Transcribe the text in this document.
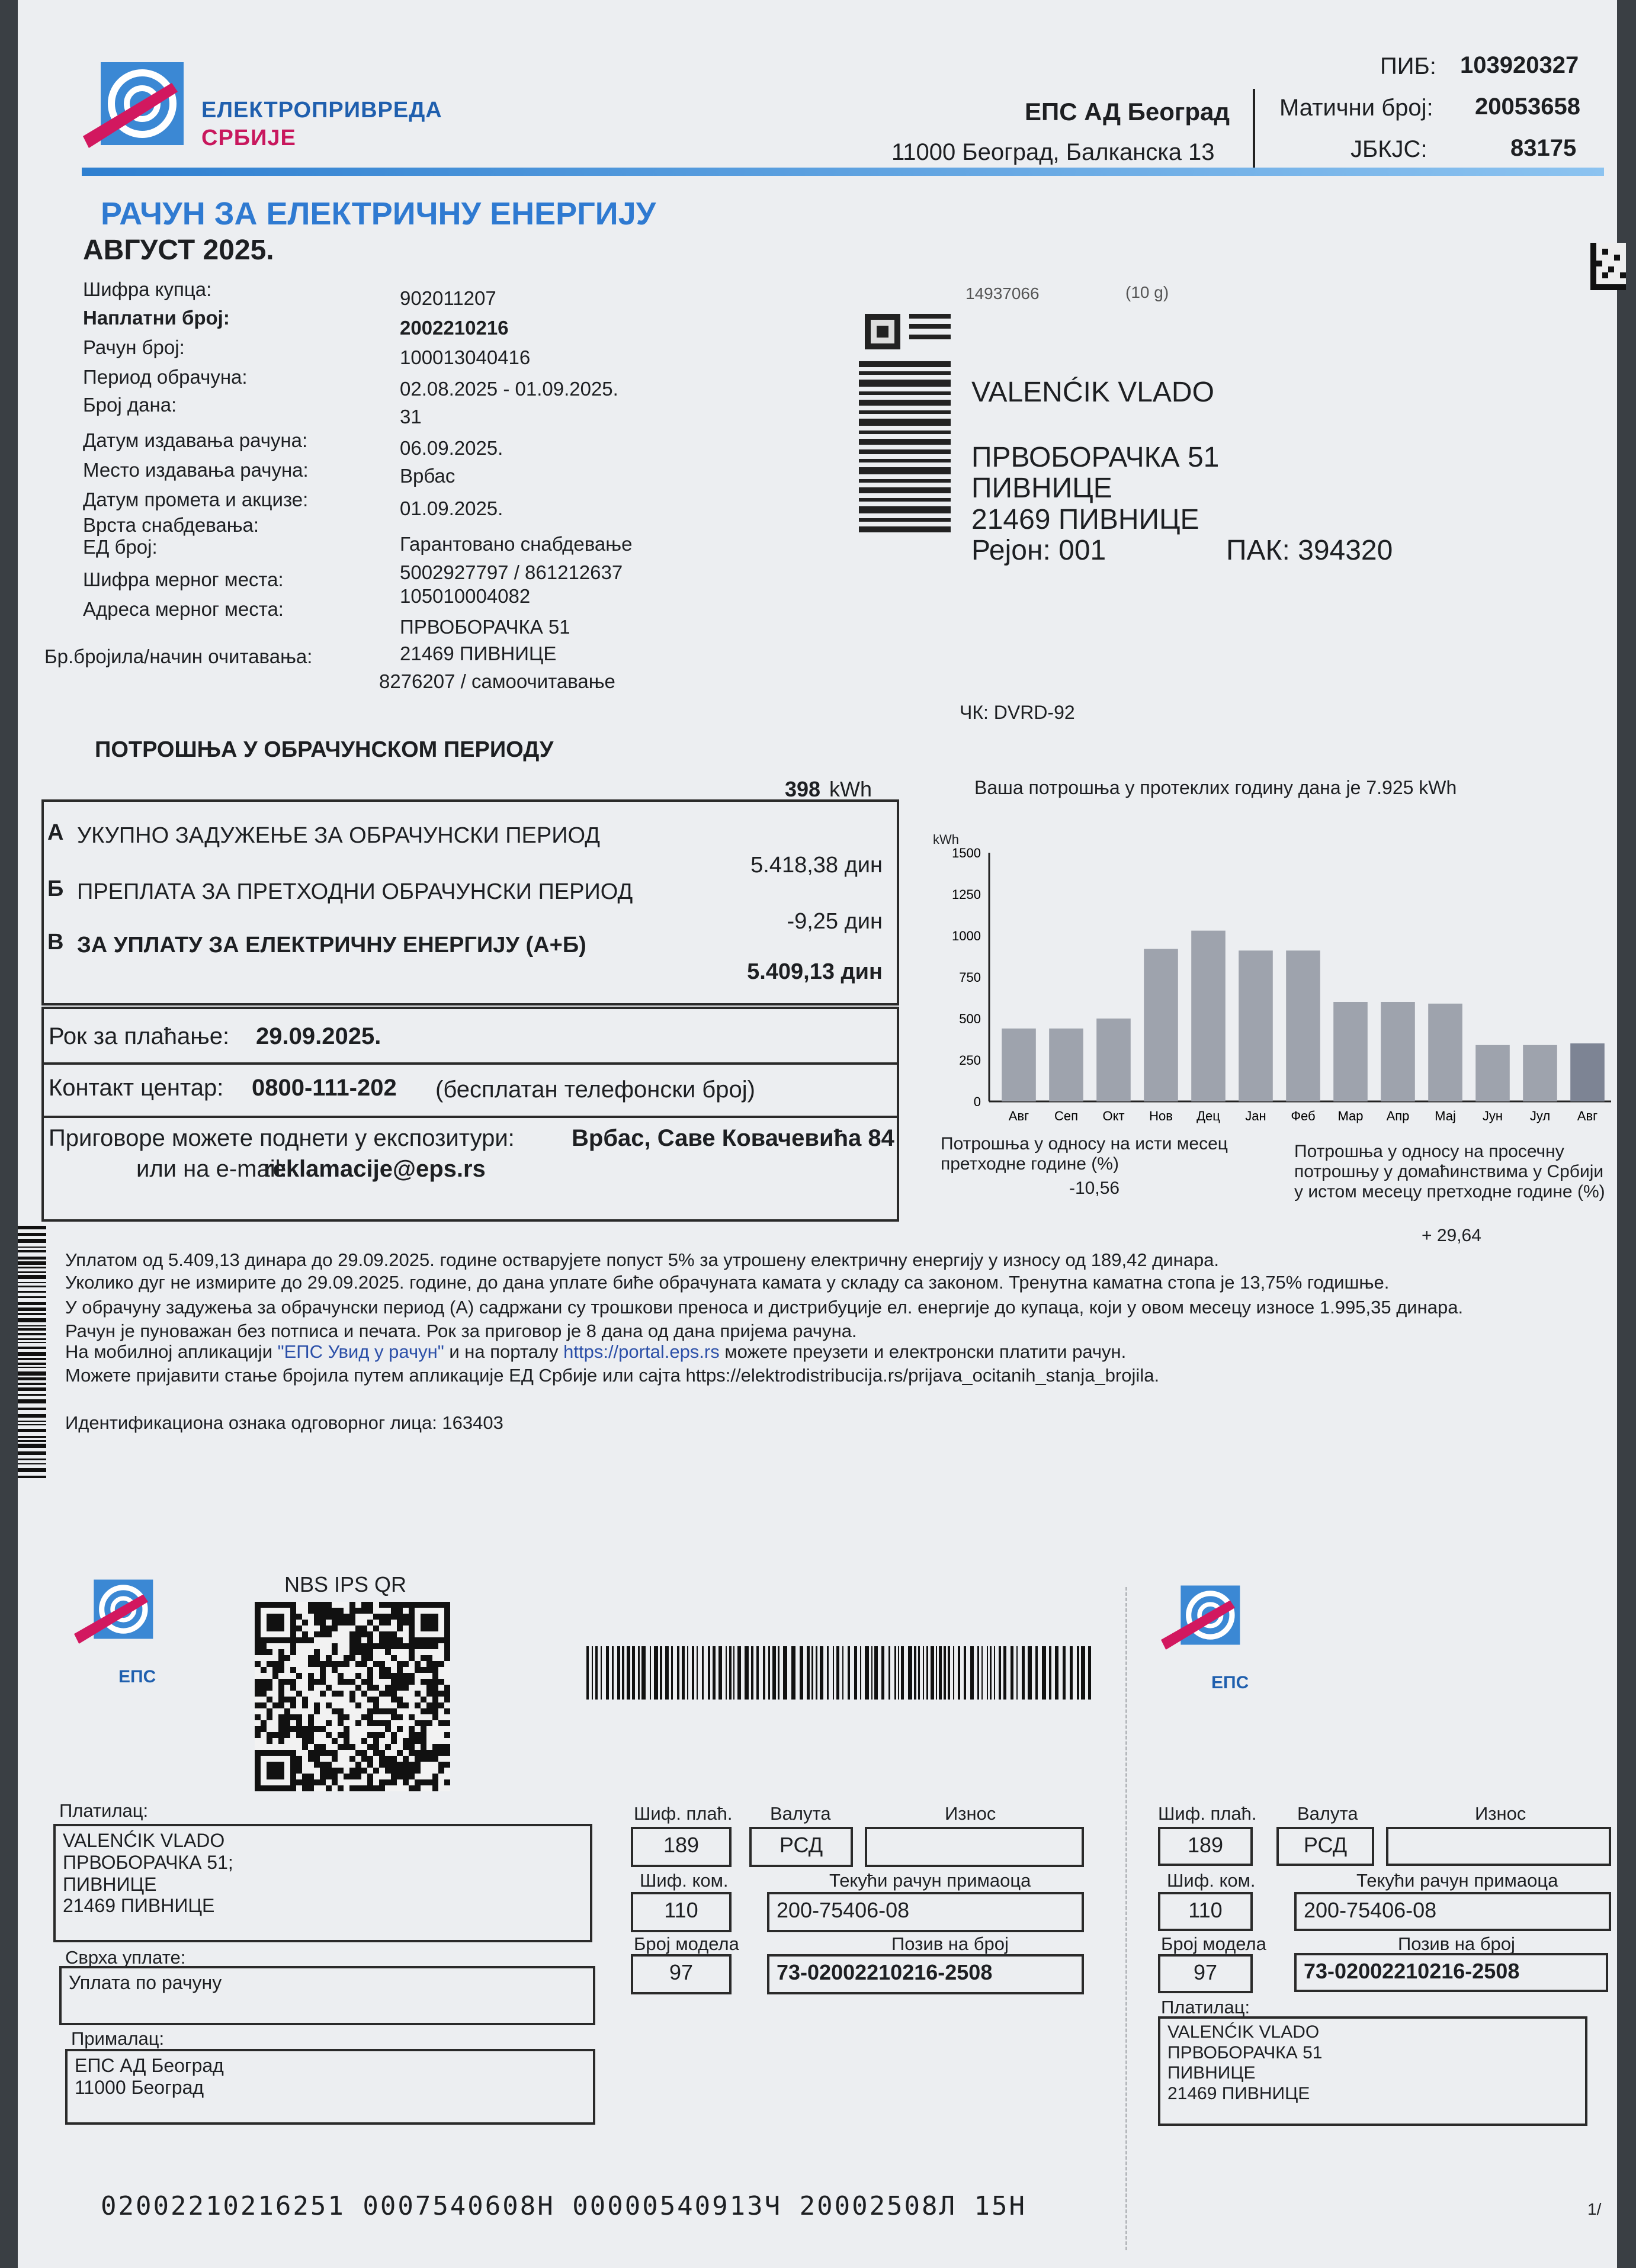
ЕЛЕКТРОПРИВРЕДА
СРБИЈЕ
ЕПС АД Београд
11000 Београд, Балканска 13
ПИБ: 103920327
Матични број: 20053658
ЈБКЈС:	83175
РАЧУН ЗА ЕЛЕКТРИЧНУ ЕНЕРГИЈУ
АВГУСТ 2025.
Шифра купца:	902011207
Наплатни број:	2002210216
Рачун број:	100013040416
Период обрачуна:
02.08.2025 - 01.09.2025.
Број дана:
31
Датум издавања рачуна:	06.09.2025.
Место издавања рачуна:	Врбас
Датум промета и акцизе:	01.09.2025.
Врста снабдевања:
Гарантовано снабдевање
ЕД број:
5002927797 / 861212637
Шифра мерног места:
105010004082
Адреса мерног места:
ПРВОБОРАЧКА 51
21469 ПИВНИЦЕ
Бр.бројила/начин очитавања:
8276207 / самоочитавање
14937066	(10 g)
VALENĆIK VLADO
ПРВОБОРАЧКА 51
ПИВНИЦЕ
21469 ПИВНИЦЕ
Рејон: 001	ПАК: 394320
ЧК: DVRD-92
ПОТРОШЊА У ОБРАЧУНСКОМ ПЕРИОДУ
398 kWh
А УКУПНО ЗАДУЖЕЊЕ ЗА ОБРАЧУНСКИ ПЕРИОД
5.418,38 дин
Б ПРЕПЛАТА ЗА ПРЕТХОДНИ ОБРАЧУНСКИ ПЕРИОД
-9,25 дин
В ЗА УПЛАТУ ЗА ЕЛЕКТРИЧНУ ЕНЕРГИЈУ (А+Б)
5.409,13 дин
Рок за плаћање: 29.09.2025.
Контакт центар: 0800-111-202 (бесплатан телефонски број)
Приговоре можете поднети у експозитури: Врбас, Саве Ковачевића 84
или на e-mail:
reklamacije@eps.rs
Ваша потрошња у протеклих годину дана је 7.925 kWh
kWh
0
250
500
750
1000
1250
1500
Авг Сеп Окт Нов Дец Јан Феб Мар Апр Мај Јун Јул Авг
Потрошња у односу на исти месец претходне године (%)
-10,56
Потрошња у односу на просечну потрошњу у домаћинствима у Србији у истом месецу претходне године (%)
+ 29,64
Уплатом од 5.409,13 динара до 29.09.2025. године остварујете попуст 5% за утрошену електричну енергију у износу од 189,42 динара.
Уколико дуг не измирите до 29.09.2025. године, до дана уплате биће обрачуната камата у складу са законом. Тренутна каматна стопа је 13,75% годишње.
У обрачуну задужења за обрачунски период (А) садржани су трошкови преноса и дистрибуције ел. енергије до купаца, који у овом месецу износе 1.995,35 динара.
Рачун је пуноважан без потписа и печата. Рок за приговор је 8 дана од дана пријема рачуна.
На мобилној апликацији "ЕПС Увид у рачун" и на порталу https://portal.eps.rs можете преузети и електронски платити рачун.
Можете пријавити стање бројила путем апликације ЕД Србије или сајта https://elektrodistribucija.rs/prijava_ocitanih_stanja_brojila.
Идентификациона ознака одговорног лица: 163403
ЕПС
NBS IPS QR
Платилац:
VALENĆIK VLADO
ПРВОБОРАЧКА 51;
ПИВНИЦЕ
21469 ПИВНИЦЕ
Сврха уплате:
Уплата по рачуну
Прималац:
ЕПС АД Београд
11000 Београд
Шиф. плаћ.
189
Валута
РСД
Износ
Шиф. ком.
110
Текући рачун примаоца
200-75406-08
Број модела
97
Позив на број
73-02002210216-2508
ЕПС
Шиф. плаћ.
189
Валута
РСД
Износ
Шиф. ком.
110
Текући рачун примаоца
200-75406-08
Број модела
97
Позив на број
73-02002210216-2508
Платилац:
VALENĆIK VLADO
ПРВОБОРАЧКА 51
ПИВНИЦЕ
21469 ПИВНИЦЕ
02002210216251 0007540608Н 00000540913Ч 20002508Л 15Н	1/
